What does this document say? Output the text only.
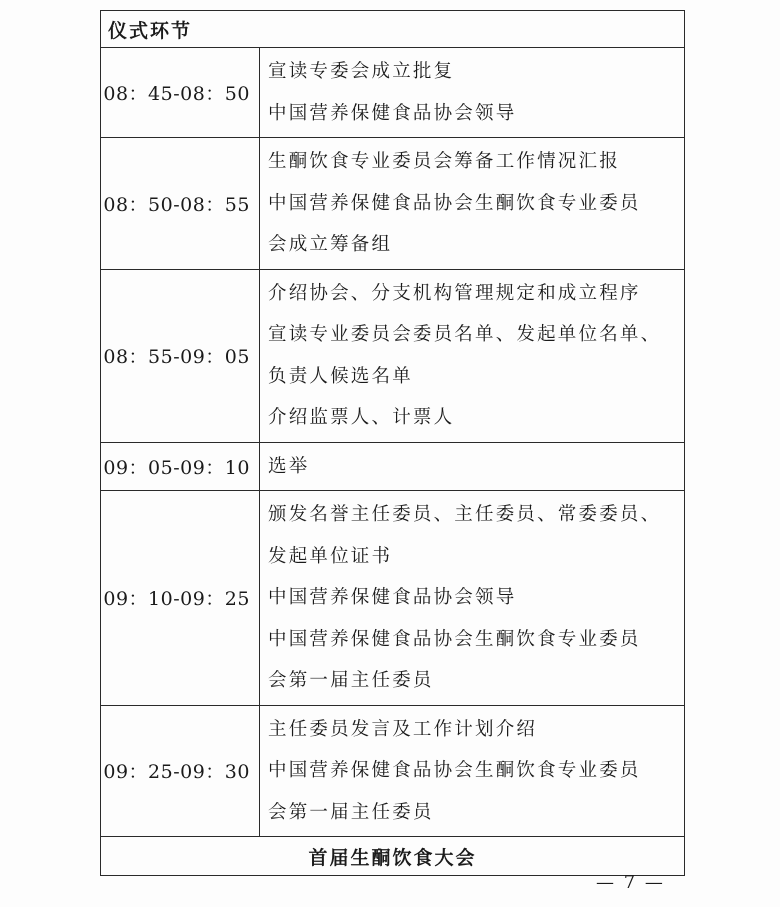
仪式环节	

08：45-08：50	宣读专委会成立批复
中国营养保健食品协会领导

08：50-08：55	生酮饮食专业委员会筹备工作情况汇报
中国营养保健食品协会生酮饮食专业委员
会成立筹备组

08：55-09：05	介绍协会、分支机构管理规定和成立程序
宣读专业委员会委员名单、发起单位名单、
负责人候选名单
介绍监票人、计票人

09：05-09：10	选举

09：10-09：25	颁发名誉主任委员、主任委员、常委委员、
发起单位证书
中国营养保健食品协会领导
中国营养保健食品协会生酮饮食专业委员
会第一届主任委员

09：25-09：30	主任委员发言及工作计划介绍
中国营养保健食品协会生酮饮食专业委员
会第一届主任委员

首届生酮饮食大会	
— 7 —
